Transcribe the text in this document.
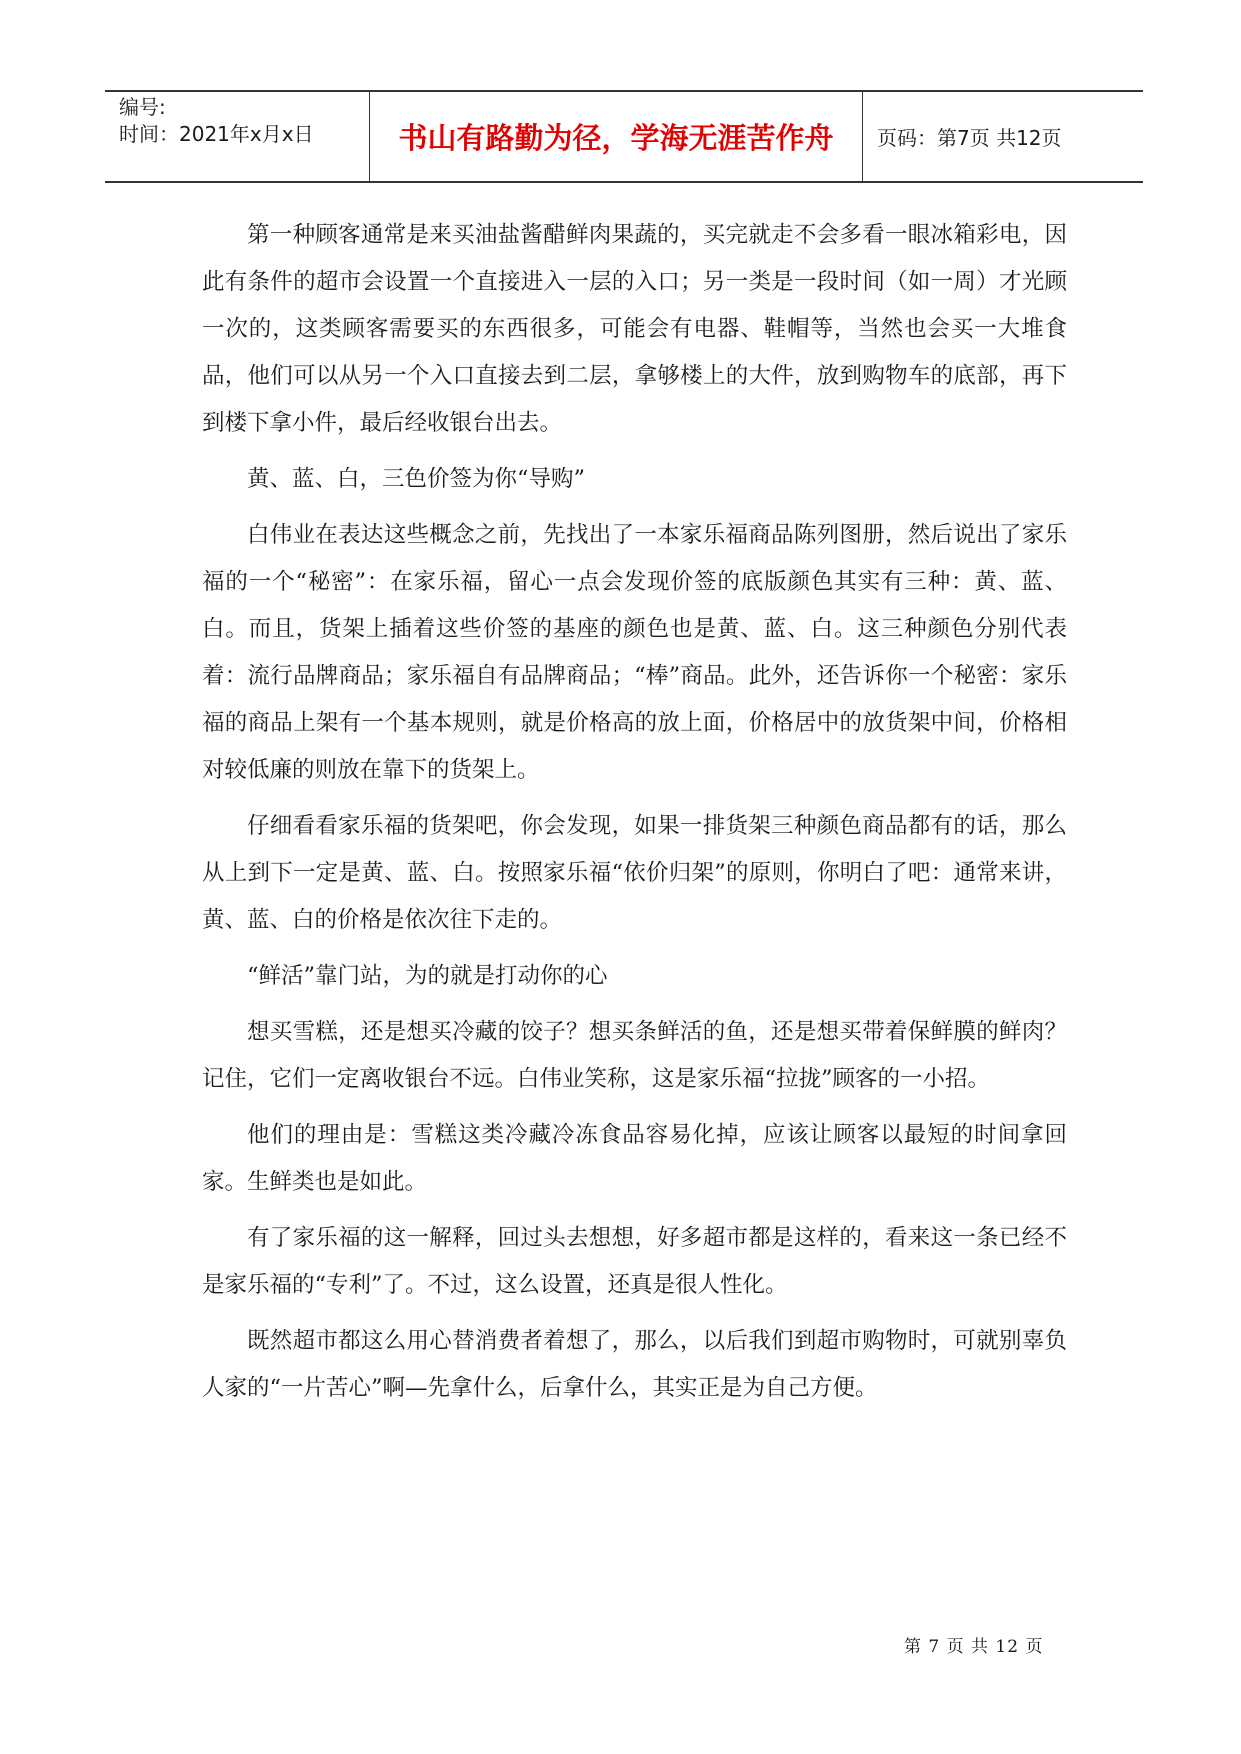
编号:
时间：2021年x月x日	书山有路勤为径，学海无涯苦作舟	页码：第7页 共12页

第一种顾客通常是来买油盐酱醋鲜肉果蔬的，买完就走不会多看一眼冰箱彩电，因此有条件的超市会设置一个直接进入一层的入口；另一类是一段时间（如一周）才光顾一次的，这类顾客需要买的东西很多，可能会有电器、鞋帽等，当然也会买一大堆食品，他们可以从另一个入口直接去到二层，拿够楼上的大件，放到购物车的底部，再下到楼下拿小件，最后经收银台出去。

黄、蓝、白，三色价签为你“导购”

白伟业在表达这些概念之前，先找出了一本家乐福商品陈列图册，然后说出了家乐福的一个“秘密”：在家乐福，留心一点会发现价签的底版颜色其实有三种：黄、蓝、白。而且，货架上插着这些价签的基座的颜色也是黄、蓝、白。这三种颜色分别代表着：流行品牌商品；家乐福自有品牌商品；“棒”商品。此外，还告诉你一个秘密：家乐福的商品上架有一个基本规则，就是价格高的放上面，价格居中的放货架中间，价格相对较低廉的则放在靠下的货架上。

仔细看看家乐福的货架吧，你会发现，如果一排货架三种颜色商品都有的话，那么从上到下一定是黄、蓝、白。按照家乐福“依价归架”的原则，你明白了吧：通常来讲，黄、蓝、白的价格是依次往下走的。

“鲜活”靠门站，为的就是打动你的心

想买雪糕，还是想买冷藏的饺子？想买条鲜活的鱼，还是想买带着保鲜膜的鲜肉？记住，它们一定离收银台不远。白伟业笑称，这是家乐福“拉拢”顾客的一小招。

他们的理由是：雪糕这类冷藏冷冻食品容易化掉，应该让顾客以最短的时间拿回家。生鲜类也是如此。

有了家乐福的这一解释，回过头去想想，好多超市都是这样的，看来这一条已经不是家乐福的“专利”了。不过，这么设置，还真是很人性化。

既然超市都这么用心替消费者着想了，那么，以后我们到超市购物时，可就别辜负人家的“一片苦心”啊—先拿什么，后拿什么，其实正是为自己方便。

第 7 页 共 12 页
